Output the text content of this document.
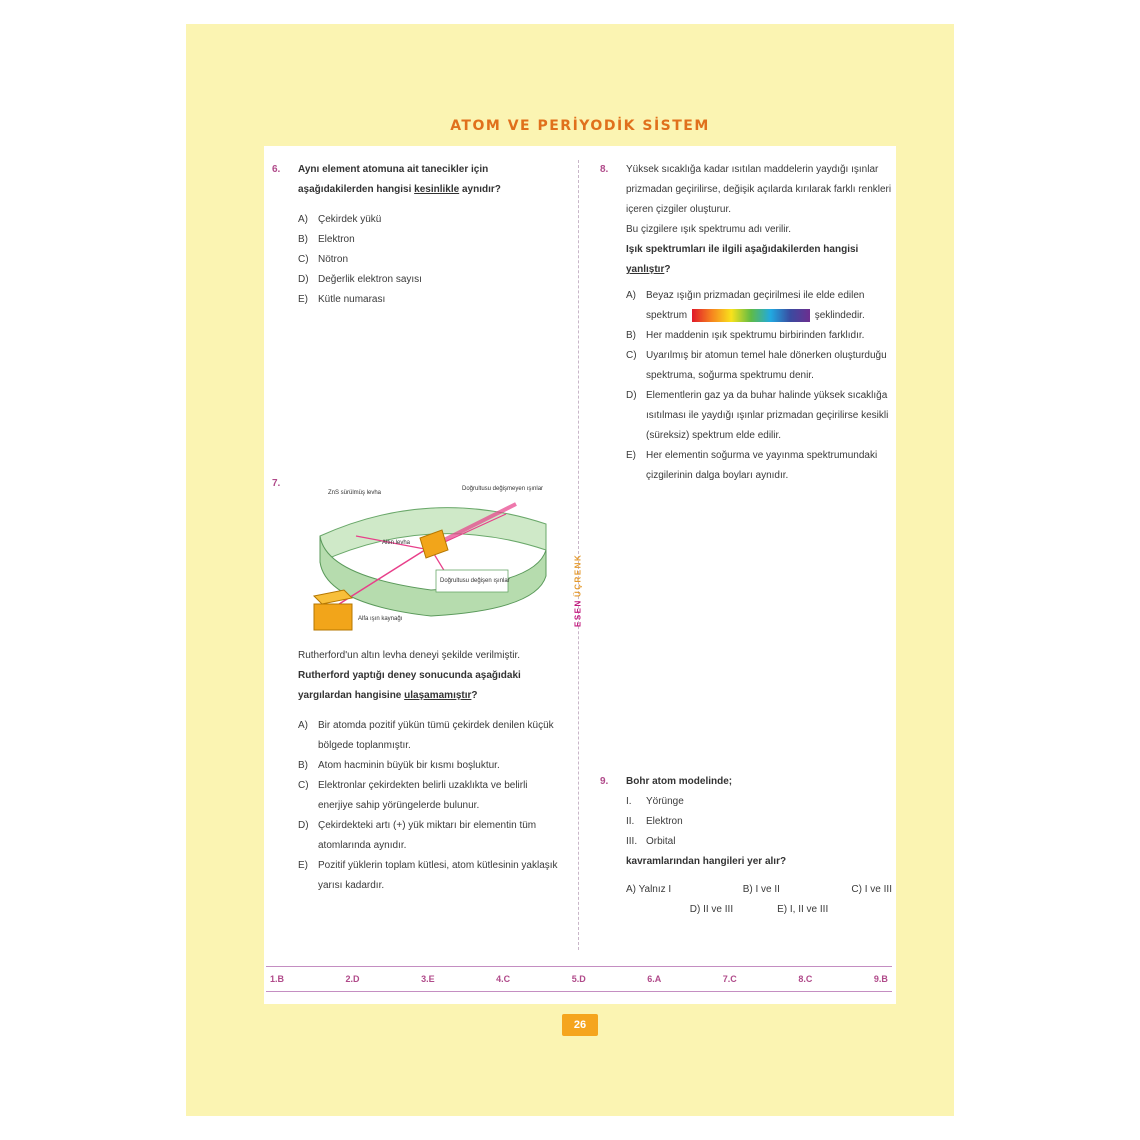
ATOM VE PERİYODİK SİSTEM
ESEN
ÜÇRENK
6. Aynı element atomuna ait tanecikler için aşağıdakilerden hangisi kesinlikle aynıdır?
A)	Çekirdek yükü
B)	Elektron
C) Nötron
D) Değerlik elektron sayısı
E)	Kütle numarası
7.
ZnS sürülmüş levha
Doğrultusu değişmeyen ışınlar
Altın levha
Doğrultusu değişen ışınlar
Alfa ışın kaynağı
Rutherford'un altın levha deneyi şekilde verilmiştir.
Rutherford yaptığı deney sonucunda aşağıdaki yargılardan hangisine ulaşamamıştır?
A)	Bir atomda pozitif yükün tümü çekirdek denilen küçük bölgede toplanmıştır.
B)	Atom hacminin büyük bir kısmı boşluktur.
C) Elektronlar çekirdekten belirli uzaklıkta ve belirli enerjiye sahip yörüngelerde bulunur.
D) Çekirdekteki artı (+) yük miktarı bir elementin tüm atomlarında aynıdır.
E)	Pozitif yüklerin toplam kütlesi, atom kütlesinin yaklaşık yarısı kadardır.
8. Yüksek sıcaklığa kadar ısıtılan maddelerin yaydığı ışınlar prizmadan geçirilirse, değişik açılarda kırılarak farklı renkleri içeren çizgiler oluşturur.
Bu çizgilere ışık spektrumu adı verilir.
Işık spektrumları ile ilgili aşağıdakilerden hangisi yanlıştır?
A)	Beyaz ışığın prizmadan geçirilmesi ile elde edilen spektrum	şeklindedir.
B)	Her maddenin ışık spektrumu birbirinden farklıdır.
C) Uyarılmış bir atomun temel hale dönerken oluşturduğu spektruma, soğurma spektrumu denir.
D) Elementlerin gaz ya da buhar halinde yüksek sıcaklığa ısıtılması ile yaydığı ışınlar prizmadan geçirilirse kesikli (süreksiz) spektrum elde edilir.
E)	Her elementin soğurma ve yayınma spektrumundaki çizgilerinin dalga boyları aynıdır.
9. Bohr atom modelinde;
I.	Yörünge
II.	Elektron
III. Orbital
kavramlarından hangileri yer alır?
A) Yalnız I	B) I ve II	C) I ve III
D) II ve III	E) I, II ve III
1.B	2.D	3.E	4.C	5.D	6.A	7.C	8.C	9.B
26
